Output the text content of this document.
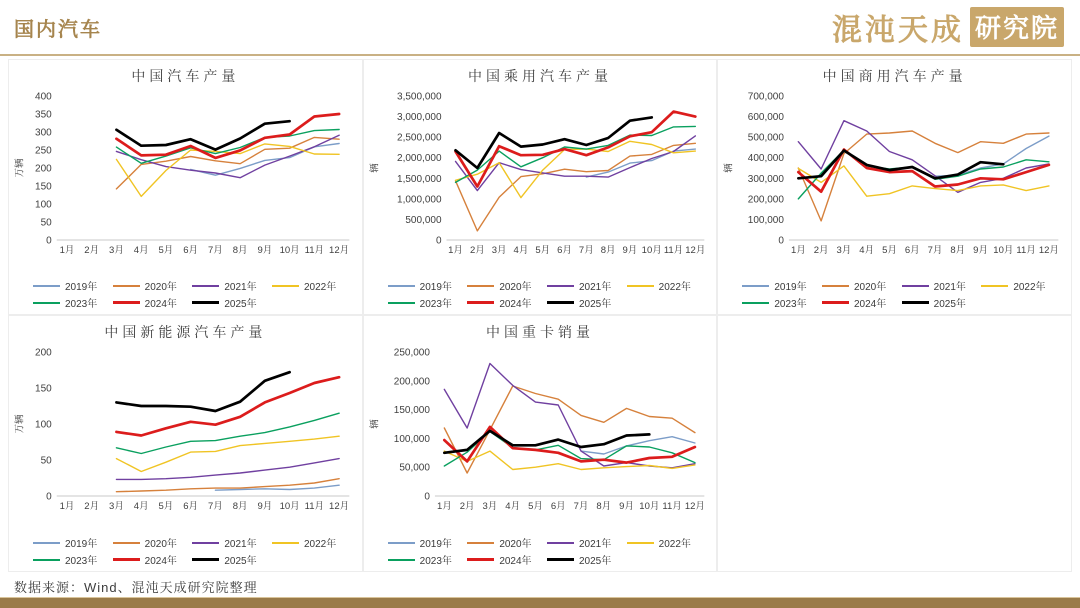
国内汽车	混沌天成 研究院
中国汽车产量
0
50
100
150
200
250
300
350
400
万辆
1月 2月 3月 4月 5月 6月 7月 8月 9月 10月 11月 12月
2019年	2020年	2021年	2022年
2023年	2024年	2025年
中国乘用汽车产量
0
500,000
1,000,000
1,500,000
2,000,000
2,500,000
3,000,000
3,500,000
辆
1月 2月 3月 4月 5月 6月 7月 8月 9月 10月 11月 12月
2019年	2020年	2021年	2022年
2023年	2024年	2025年
中国商用汽车产量
0
100,000
200,000
300,000
400,000
500,000
600,000
700,000
辆
1月 2月 3月 4月 5月 6月 7月 8月 9月 10月 11月 12月
2019年	2020年	2021年	2022年
2023年	2024年	2025年
中国新能源汽车产量
0
50
100
150
200
万辆
1月 2月 3月 4月 5月 6月 7月 8月 9月 10月 11月 12月
2019年	2020年	2021年	2022年
2023年	2024年	2025年
中国重卡销量
0
50,000
100,000
150,000
200,000
250,000
辆
1月 2月 3月 4月 5月 6月 7月 8月 9月 10月 11月 12月
2019年	2020年	2021年	2022年
2023年	2024年	2025年
数据来源：Wind、混沌天成研究院整理
